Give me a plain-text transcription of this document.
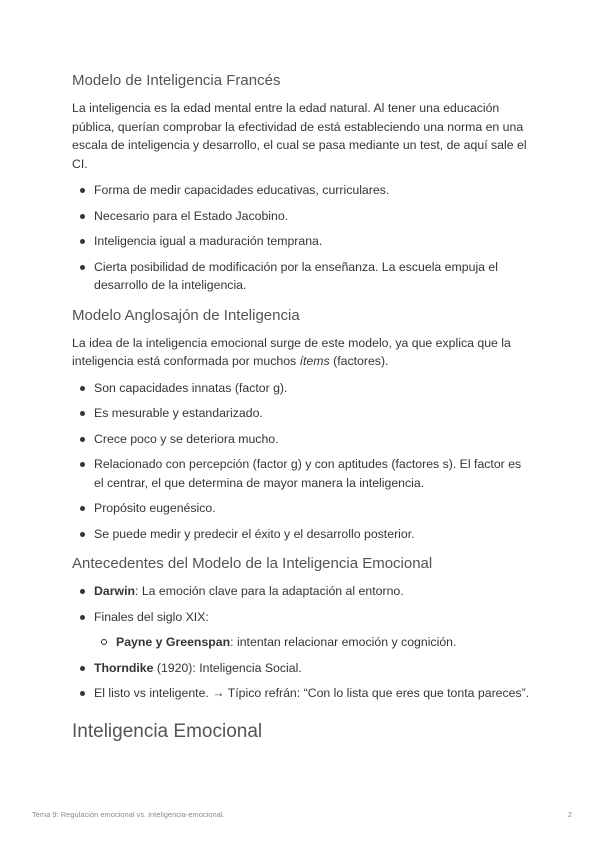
Modelo de Inteligencia Francés

La inteligencia es la edad mental entre la edad natural. Al tener una educación pública, querían comprobar la efectividad de está estableciendo una norma en una escala de inteligencia y desarrollo, el cual se pasa mediante un test, de aquí sale el CI.

Forma de medir capacidades educativas, curriculares.
Necesario para el Estado Jacobino.
Inteligencia igual a maduración temprana.
Cierta posibilidad de modificación por la enseñanza. La escuela empuja el desarrollo de la inteligencia.
Modelo Anglosajón de Inteligencia

La idea de la inteligencia emocional surge de este modelo, ya que explica que la inteligencia está conformada por muchos ítems (factores).

Son capacidades innatas (factor g).
Es mesurable y estandarizado.
Crece poco y se deteriora mucho.
Relacionado con percepción (factor g) y con aptitudes (factores s). El factor es el centrar, el que determina de mayor manera la inteligencia.
Propósito eugenésico.
Se puede medir y predecir el éxito y el desarrollo posterior.
Antecedentes del Modelo de la Inteligencia Emocional
Darwin: La emoción clave para la adaptación al entorno.
Finales del siglo XIX:
Payne y Greenspan: intentan relacionar emoción y cognición.
Thorndike (1920): Inteligencia Social.
El listo vs inteligente. → Típico refrán: “Con lo lista que eres que tonta pareces”.
Inteligencia Emocional
Tema 9: Regulación emocional vs. inteligencia-emocional.	2
